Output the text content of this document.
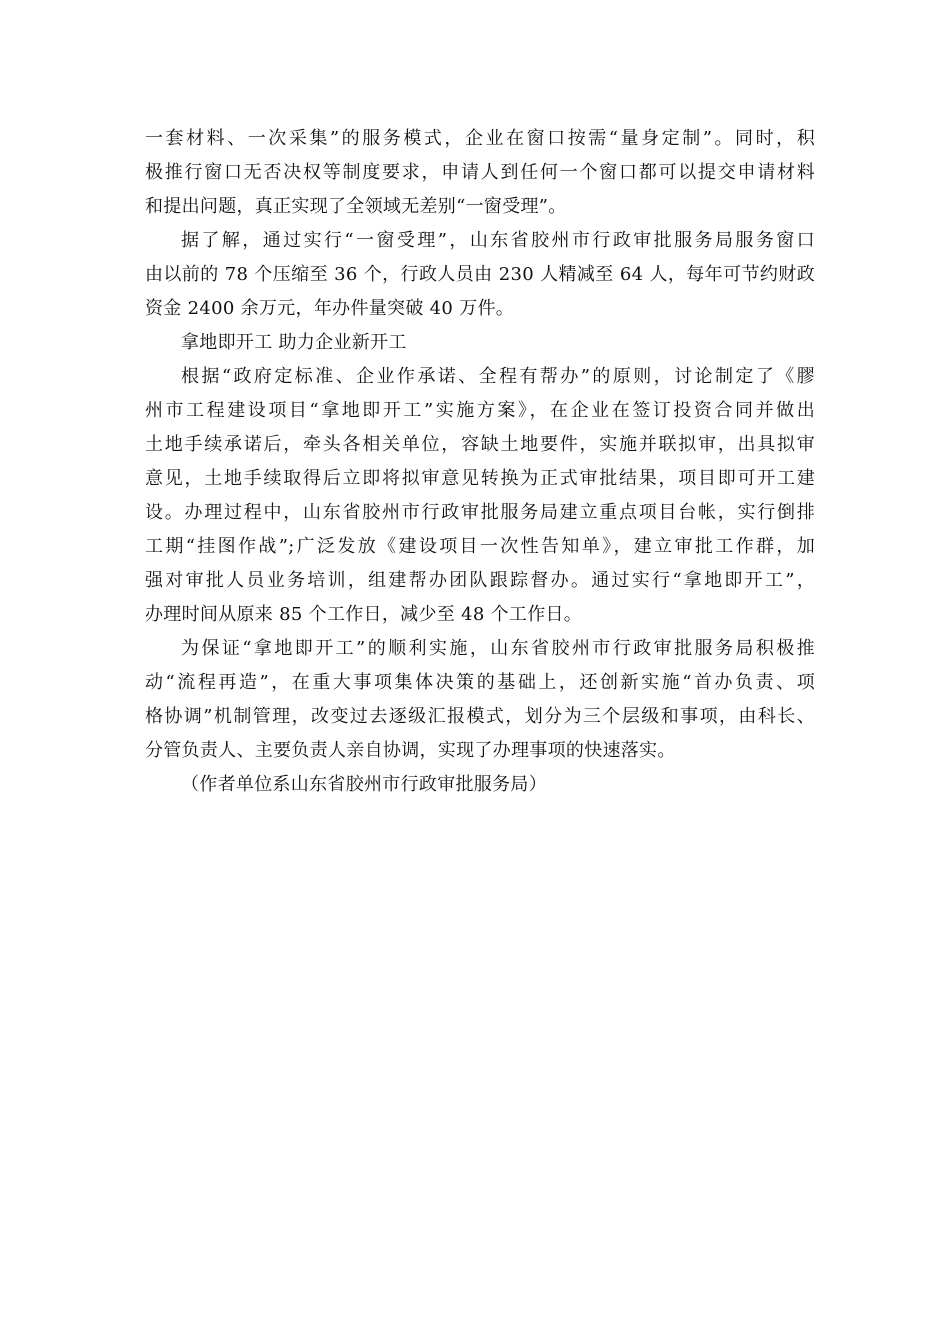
一套材料、一次采集”的服务模式，企业在窗口按需“量身定制”。同时，积
极推行窗口无否决权等制度要求，申请人到任何一个窗口都可以提交申请材料
和提出问题，真正实现了全领域无差别“一窗受理”。
据了解，通过实行“一窗受理”，山东省胶州市行政审批服务局服务窗口
由以前的 78 个压缩至 36 个，行政人员由 230 人精减至 64 人，每年可节约财政
资金 2400 余万元，年办件量突破 40 万件。
拿地即开工 助力企业新开工
根据“政府定标准、企业作承诺、全程有帮办”的原则，讨论制定了《膠
州市工程建设项目“拿地即开工”实施方案》，在企业在签订投资合同并做出
土地手续承诺后，牵头各相关单位，容缺土地要件，实施并联拟审，出具拟审
意见，土地手续取得后立即将拟审意见转换为正式审批结果，项目即可开工建
设。办理过程中，山东省胶州市行政审批服务局建立重点项目台帐，实行倒排
工期“挂图作战”;广泛发放《建设项目一次性告知单》，建立审批工作群，加
强对审批人员业务培训，组建帮办团队跟踪督办。通过实行“拿地即开工”，
办理时间从原来 85 个工作日，减少至 48 个工作日。
为保证“拿地即开工”的顺利实施，山东省胶州市行政审批服务局积极推
动“流程再造”，在重大事项集体决策的基础上，还创新实施“首办负责、项
格协调”机制管理，改变过去逐级汇报模式，划分为三个层级和事项，由科长、
分管负责人、主要负责人亲自协调，实现了办理事项的快速落实。
（作者单位系山东省胶州市行政审批服务局）
